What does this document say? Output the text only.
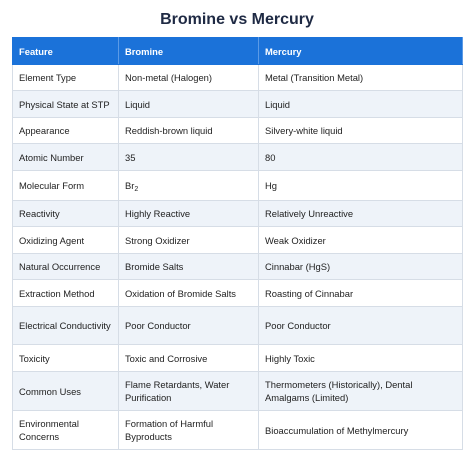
Bromine vs Mercury
Feature	Bromine	Mercury
Element Type	Non-metal (Halogen)	Metal (Transition Metal)
Physical State at STP	Liquid	Liquid
Appearance	Reddish-brown liquid	Silvery-white liquid
Atomic Number	35	80
Molecular Form	$Br_2$	Hg
Reactivity	Highly Reactive	Relatively Unreactive
Oxidizing Agent	Strong Oxidizer	Weak Oxidizer
Natural Occurrence	Bromide Salts	Cinnabar (HgS)
Extraction Method	Oxidation of Bromide Salts	Roasting of Cinnabar
Electrical Conductivity	Poor Conductor	Poor Conductor
Toxicity	Toxic and Corrosive	Highly Toxic
Common Uses	Flame Retardants, Water Purification	Thermometers (Historically), Dental Amalgams (Limited)
Environmental Concerns	Formation of Harmful Byproducts	Bioaccumulation of Methylmercury
